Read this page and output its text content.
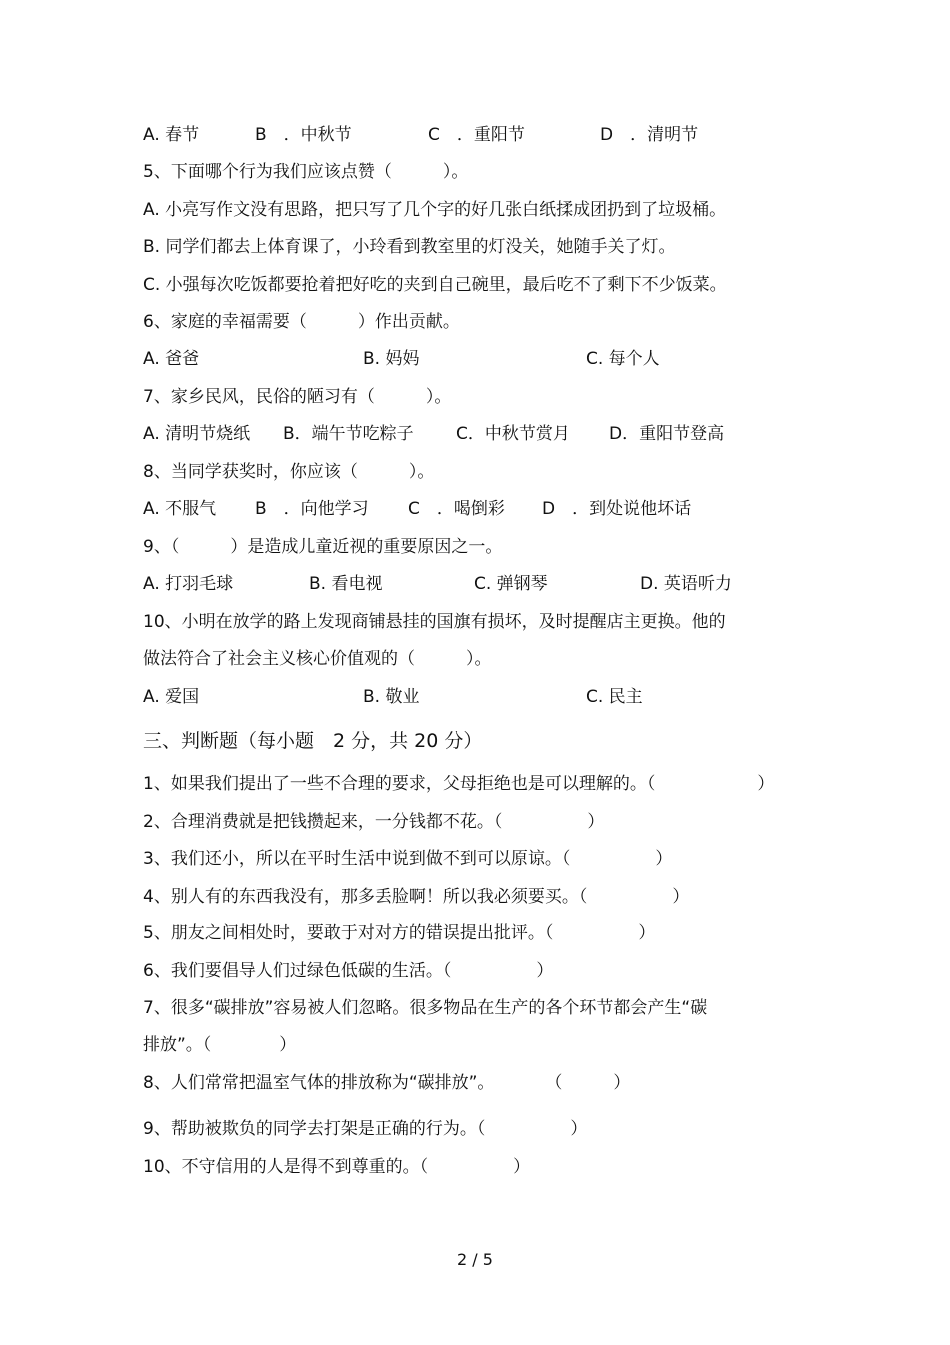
A. 春节	B　．中秋节	C　．重阳节	D　．清明节
5、下面哪个行为我们应该点赞（　　　）。
A. 小亮写作文没有思路，把只写了几个字的好几张白纸揉成团扔到了垃圾桶。
B. 同学们都去上体育课了，小玲看到教室里的灯没关，她随手关了灯。
C. 小强每次吃饭都要抢着把好吃的夹到自己碗里，最后吃不了剩下不少饭菜。
6、家庭的幸福需要（　　　）作出贡献。
A. 爸爸	B. 妈妈	C. 每个人
7、家乡民风，民俗的陋习有（　　　）。
A. 清明节烧纸 B．端午节吃粽子 C．中秋节赏月 D．重阳节登高
8、当同学获奖时，你应该（　　　）。
A. 不服气 B　．向他学习 C　．喝倒彩 D　．到处说他坏话
9、（　　　）是造成儿童近视的重要原因之一。
A. 打羽毛球	B. 看电视	C. 弹钢琴	D. 英语听力
10、小明在放学的路上发现商铺悬挂的国旗有损坏，及时提醒店主更换。他的
做法符合了社会主义核心价值观的（　　　）。
A. 爱国	B. 敬业	C. 民主
三、判断题（每小题　2 分，共 20 分）
1、如果我们提出了一些不合理的要求，父母拒绝也是可以理解的。（　　　　　　）
2、合理消费就是把钱攒起来，一分钱都不花。（　　　　　）
3、我们还小，所以在平时生活中说到做不到可以原谅。（　　　　　）
4、别人有的东西我没有，那多丢脸啊！所以我必须要买。（　　　　　）
5、朋友之间相处时，要敢于对对方的错误提出批评。（　　　　　）
6、我们要倡导人们过绿色低碳的生活。（　　　　　）
7、很多“碳排放”容易被人们忽略。很多物品在生产的各个环节都会产生“碳
排放”。（　　　　）
8、人们常常把温室气体的排放称为“碳排放”。　　　　（　　　）
9、帮助被欺负的同学去打架是正确的行为。（　　　　　）
10、不守信用的人是得不到尊重的。（　　　　　）
2 / 5
